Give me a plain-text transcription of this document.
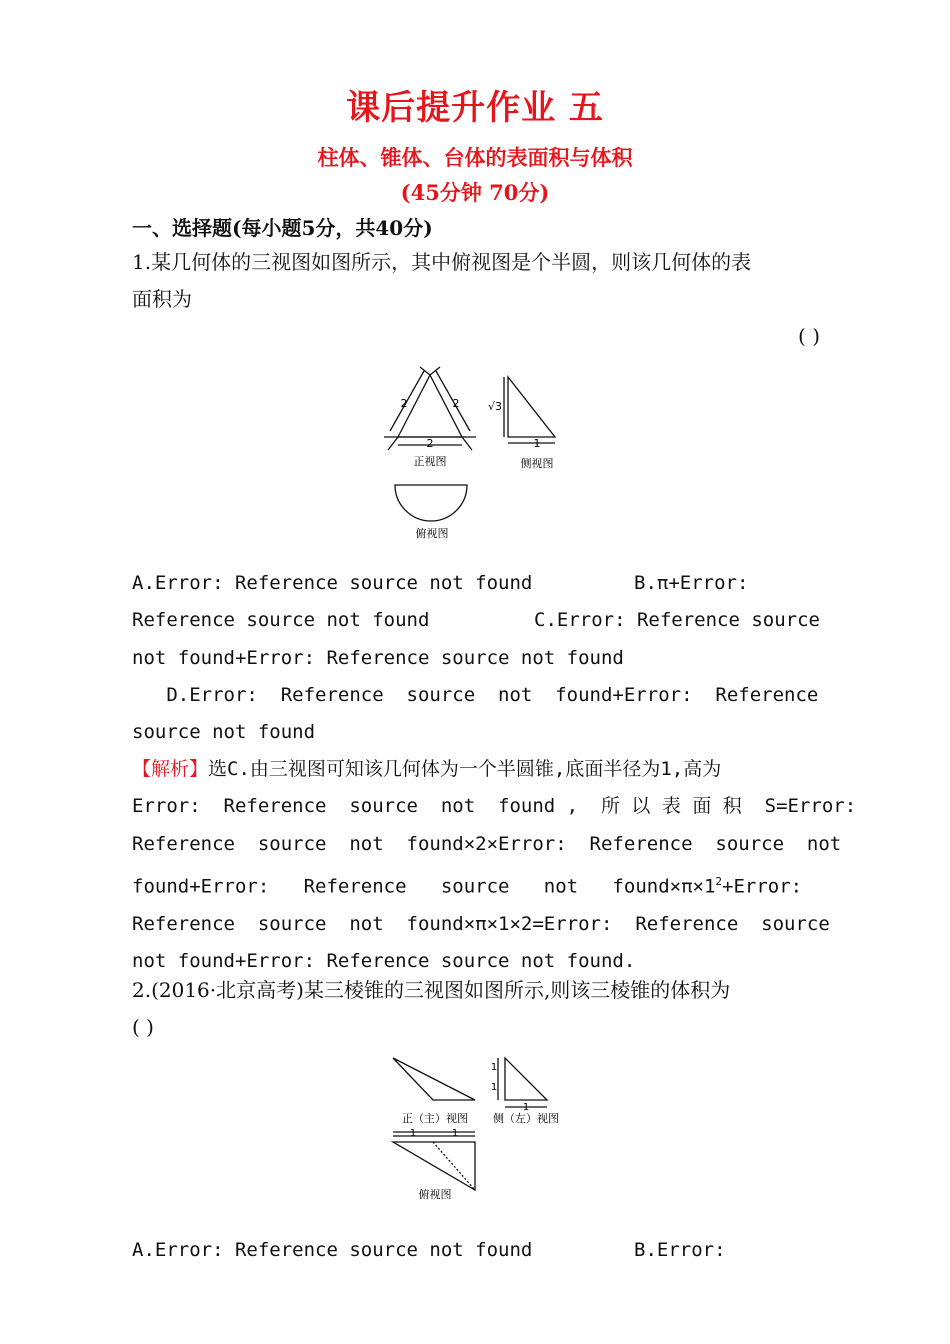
课后提升作业 五
柱体、锥体、台体的表面积与体积
(45分钟 70分)
一、选择题(每小题5分，共40分)
1.某几何体的三视图如图所示，其中俯视图是个半圆，则该几何体的表
面积为
( )
2	2
2
正视图
√3
1
侧视图
俯视图
A.Error: Reference source not found	B.π+Error:
Reference source not found	C.Error: Reference source
not found+Error: Reference source not found
D.Error:  Reference  source  not  found+Error:  Reference
source not found
【解析】选C.由三视图可知该几何体为一个半圆锥,底面半径为1,高为
Error:  Reference  source  not  found ,  所 以 表 面 积  S=Error:
Reference  source  not  found×2×Error:  Reference  source  not
found+Error:   Reference   source   not   $found\times\pi\times 1^2+Error$:
Reference  source  not  found×π×1×2=Error:  Reference  source
not found+Error: Reference source not found.
2.(2016·北京高考)某三棱锥的三视图如图所示,则该三棱锥的体积为
( )
正（主）视图
1
1
1
侧（左）视图
1	1
俯视图
A.Error: Reference source not found	B.Error:
